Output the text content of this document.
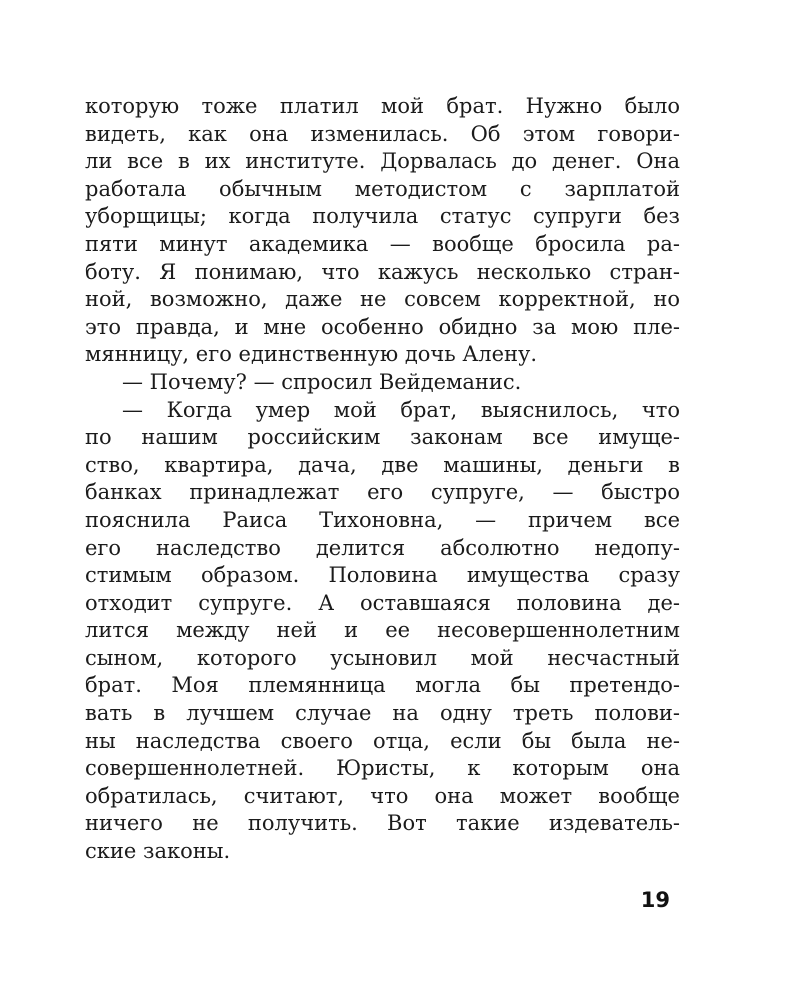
которую тоже платил мой брат. Нужно было
видеть, как она изменилась. Об этом говори-
ли все в их институте. Дорвалась до денег. Она
работала обычным методистом с зарплатой
уборщицы; когда получила статус супруги без
пяти минут академика — вообще бросила ра-
боту. Я понимаю, что кажусь несколько стран-
ной, возможно, даже не совсем корректной, но
это правда, и мне особенно обидно за мою пле-
мянницу, его единственную дочь Алену.
— Почему? — спросил Вейдеманис.
— Когда умер мой брат, выяснилось, что
по нашим российским законам все имуще-
ство, квартира, дача, две машины, деньги в
банках принадлежат его супруге, — быстро
пояснила Раиса Тихоновна, — причем все
его наследство делится абсолютно недопу-
стимым образом. Половина имущества сразу
отходит супруге. А оставшаяся половина де-
лится между ней и ее несовершеннолетним
сыном, которого усыновил мой несчастный
брат. Моя племянница могла бы претендо-
вать в лучшем случае на одну треть полови-
ны наследства своего отца, если бы была не-
совершеннолетней. Юристы, к которым она
обратилась, считают, что она может вообще
ничего не получить. Вот такие издеватель-
ские законы.
19
